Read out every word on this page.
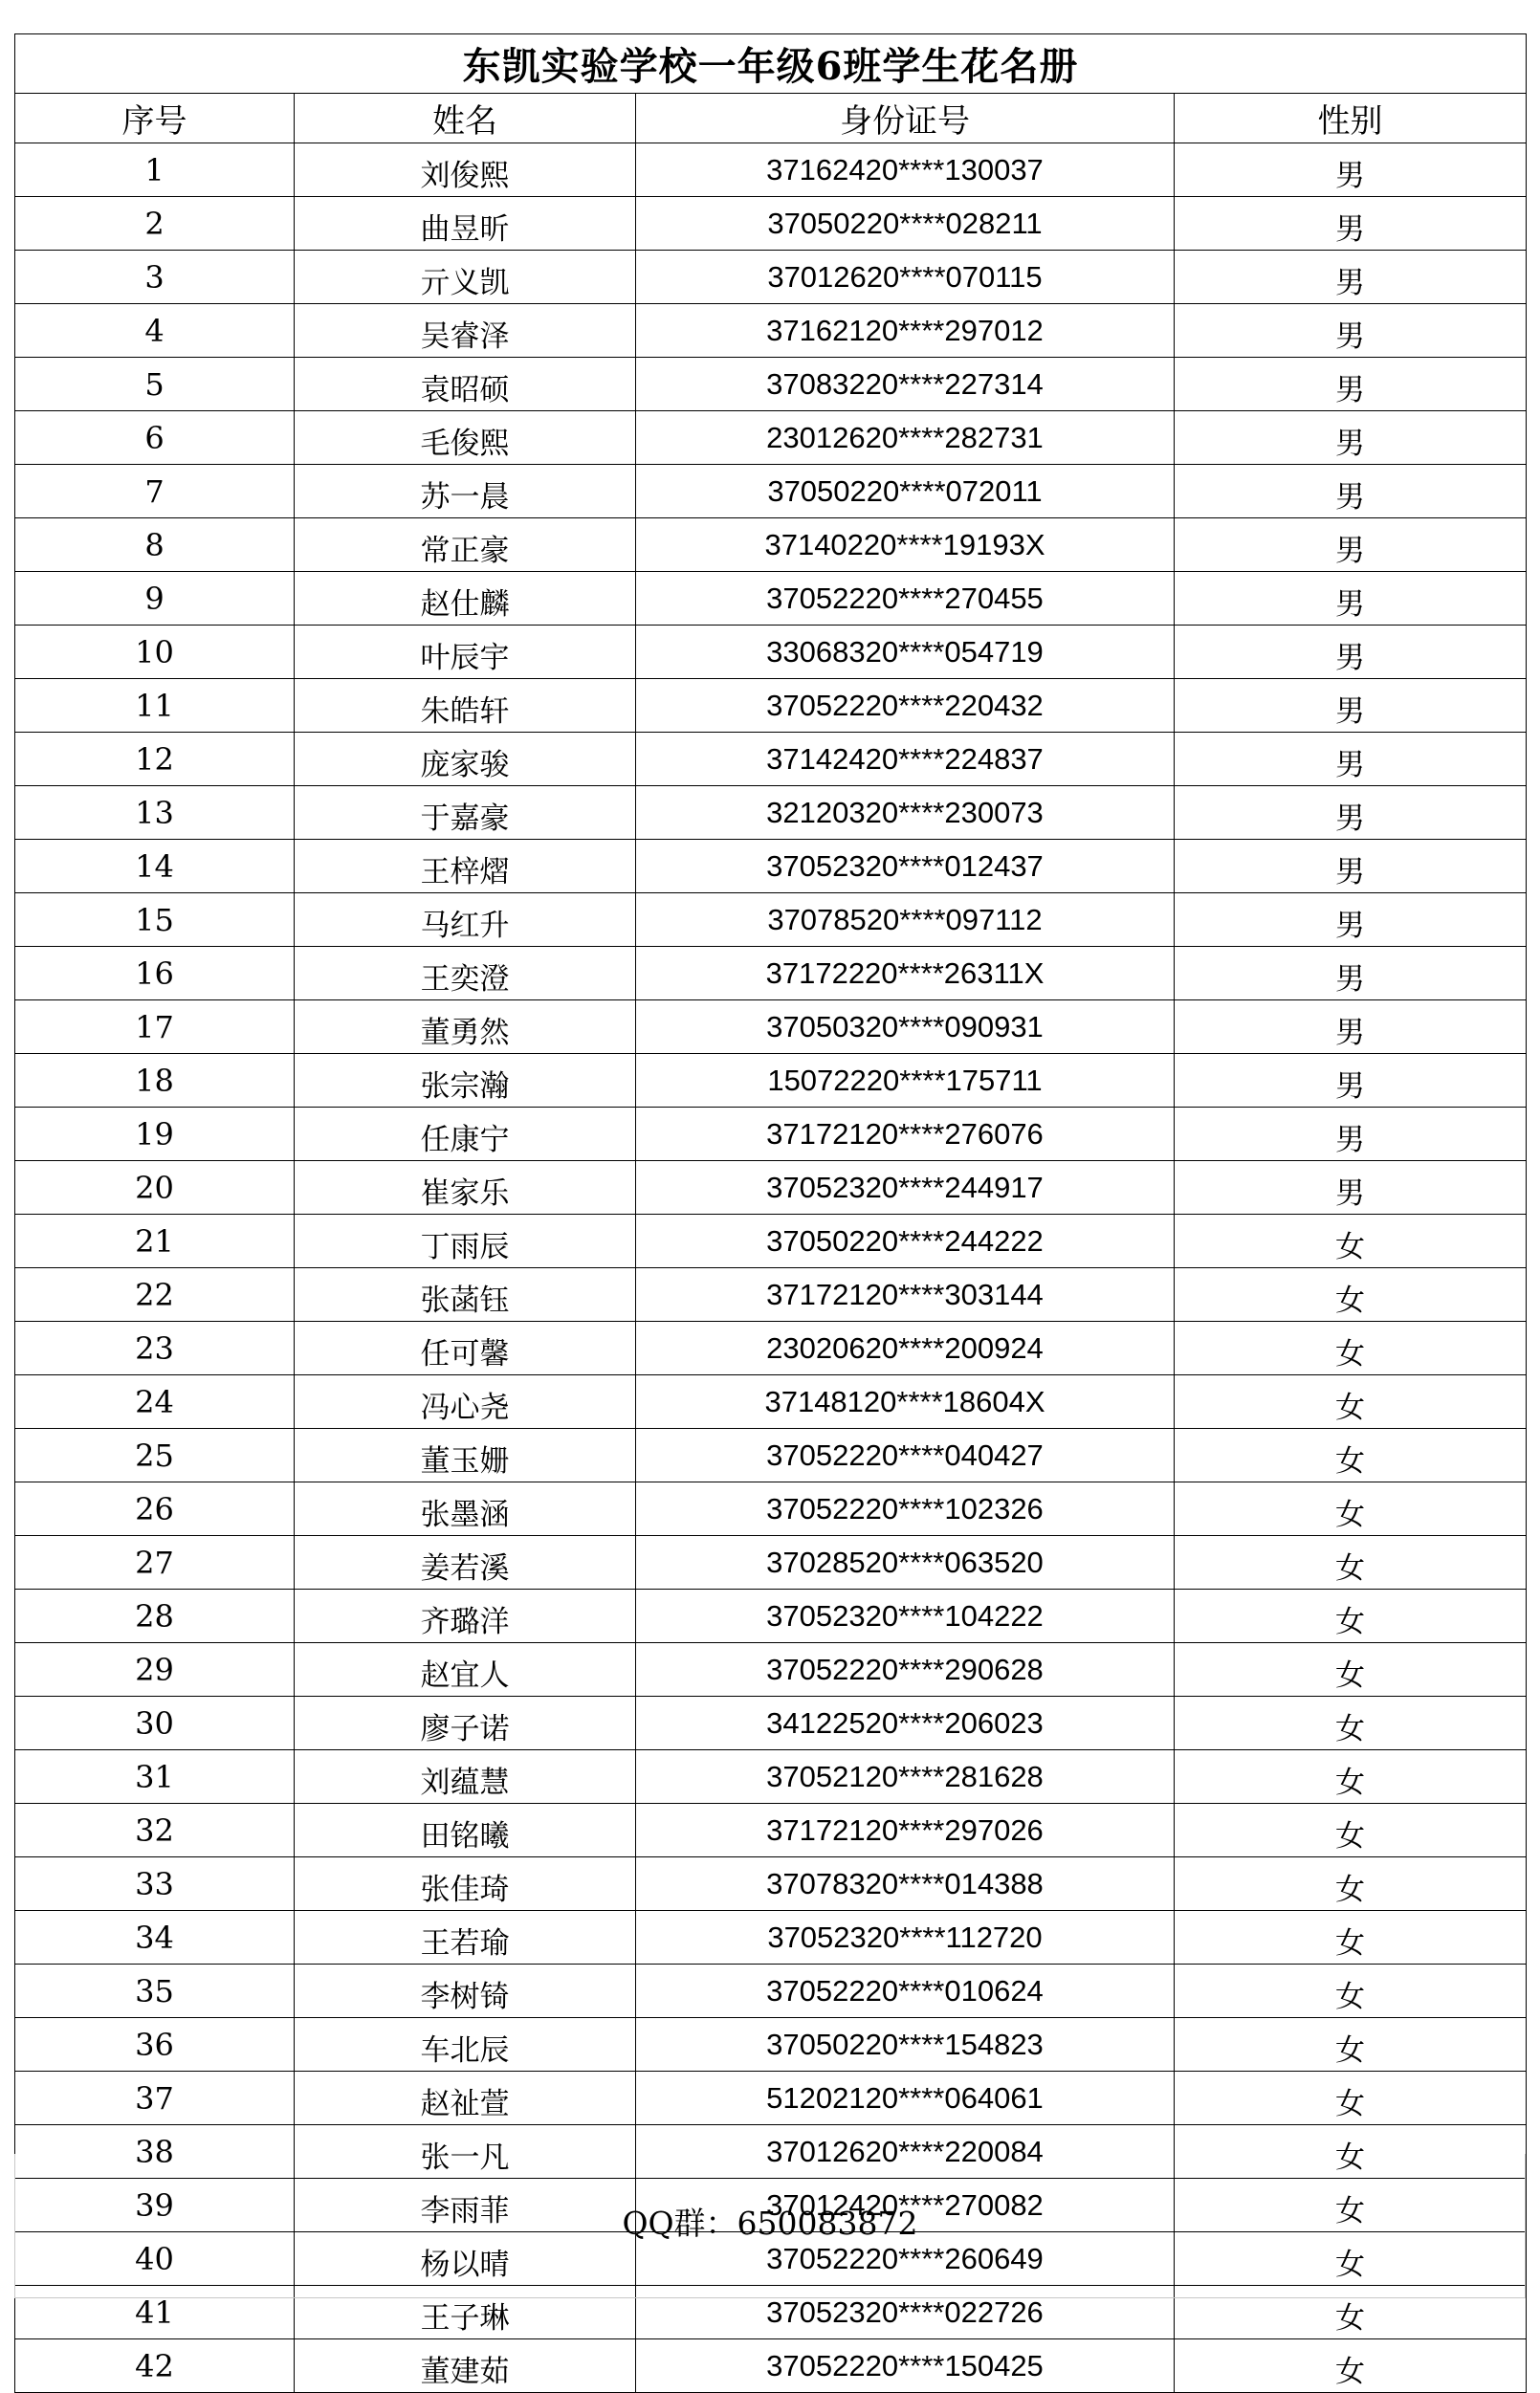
东凯实验学校一年级6班学生花名册			
序号	姓名	身份证号	性别
1	刘俊熙	37162420****130037	男
2	曲昱昕	37050220****028211	男
3	亓义凯	37012620****070115	男
4	吴睿泽	37162120****297012	男
5	袁昭硕	37083220****227314	男
6	毛俊熙	23012620****282731	男
7	苏一晨	37050220****072011	男
8	常正豪	37140220****19193X	男
9	赵仕麟	37052220****270455	男
10	叶辰宇	33068320****054719	男
11	朱皓轩	37052220****220432	男
12	庞家骏	37142420****224837	男
13	于嘉豪	32120320****230073	男
14	王梓熠	37052320****012437	男
15	马红升	37078520****097112	男
16	王奕澄	37172220****26311X	男
17	董勇然	37050320****090931	男
18	张宗瀚	15072220****175711	男
19	任康宁	37172120****276076	男
20	崔家乐	37052320****244917	男
21	丁雨辰	37050220****244222	女
22	张菡钰	37172120****303144	女
23	任可馨	23020620****200924	女
24	冯心尧	37148120****18604X	女
25	董玉姗	37052220****040427	女
26	张墨涵	37052220****102326	女
27	姜若溪	37028520****063520	女
28	齐璐洋	37052320****104222	女
29	赵宜人	37052220****290628	女
30	廖子诺	34122520****206023	女
31	刘蕴慧	37052120****281628	女
32	田铭曦	37172120****297026	女
33	张佳琦	37078320****014388	女
34	王若瑜	37052320****112720	女
35	李树锜	37052220****010624	女
36	车北辰	37050220****154823	女
37	赵祉萱	51202120****064061	女
38	张一凡	37012620****220084	女
39	李雨菲	37012420****270082	女
40	杨以晴	37052220****260649	女
41	王子琳	37052320****022726	女
42	董建茹	37052220****150425	女
QQ群：650083872
